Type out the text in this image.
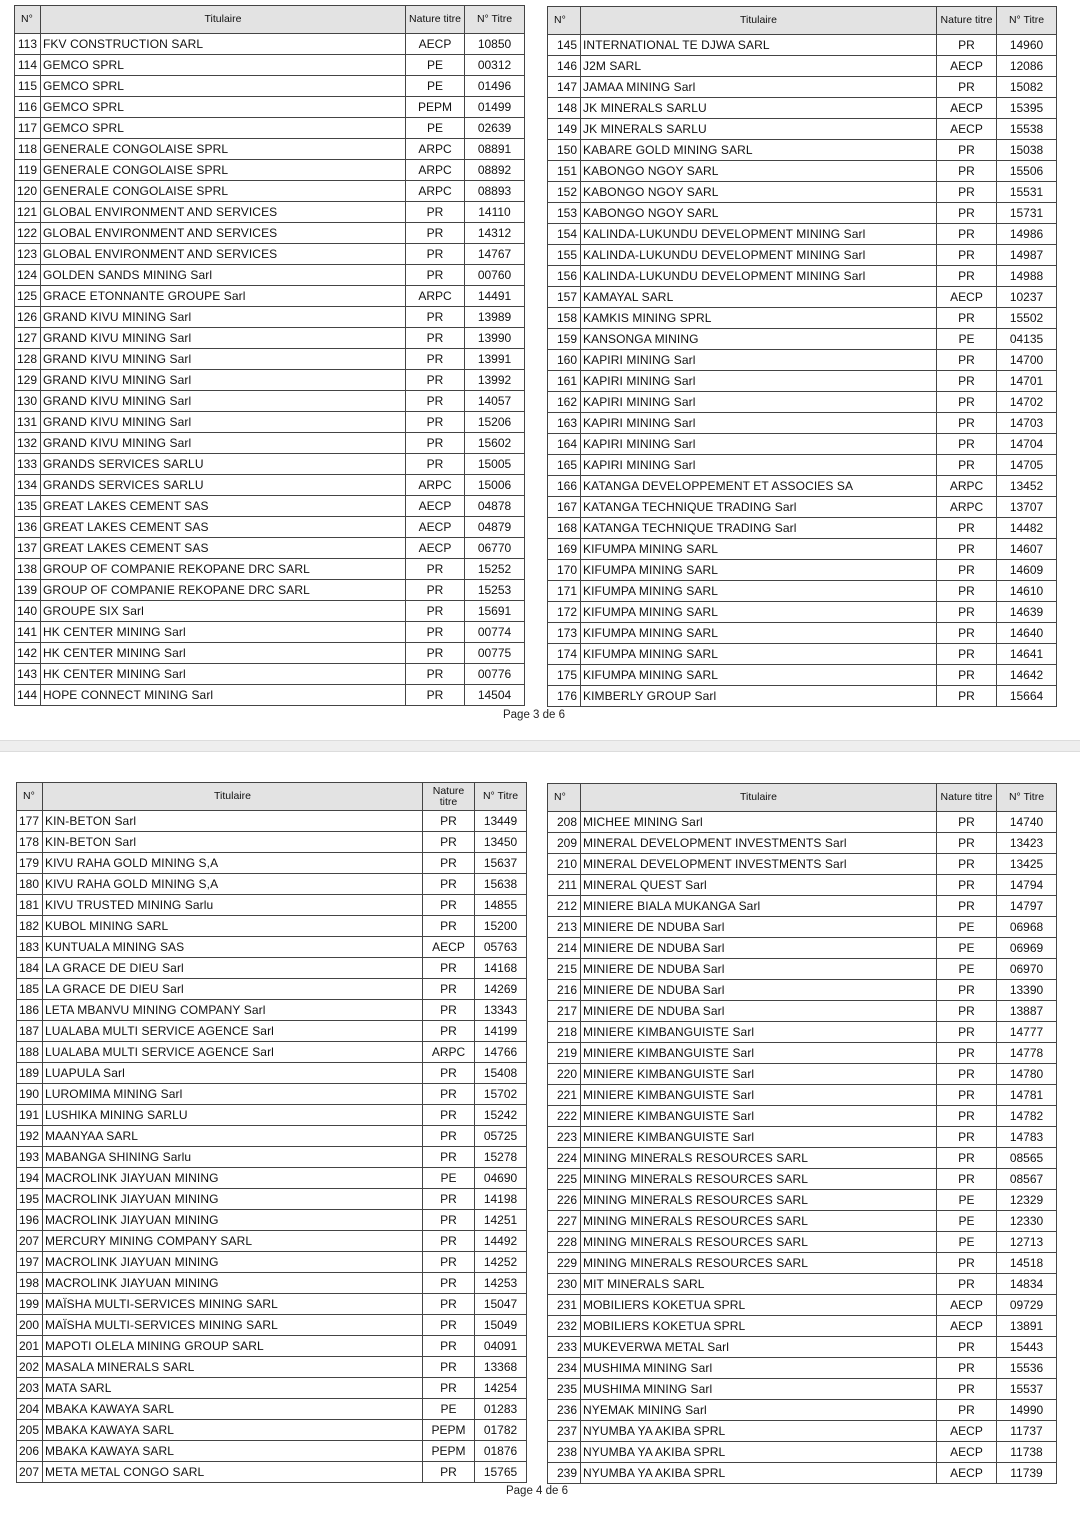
N°	Titulaire	Nature titre	N° Titre
113	FKV CONSTRUCTION SARL	AECP	10850
114	GEMCO SPRL	PE	00312
115	GEMCO SPRL	PE	01496
116	GEMCO SPRL	PEPM	01499
117	GEMCO SPRL	PE	02639
118	GENERALE CONGOLAISE SPRL	ARPC	08891
119	GENERALE CONGOLAISE SPRL	ARPC	08892
120	GENERALE CONGOLAISE SPRL	ARPC	08893
121	GLOBAL ENVIRONMENT AND SERVICES	PR	14110
122	GLOBAL ENVIRONMENT AND SERVICES	PR	14312
123	GLOBAL ENVIRONMENT AND SERVICES	PR	14767
124	GOLDEN SANDS MINING Sarl	PR	00760
125	GRACE ETONNANTE GROUPE Sarl	ARPC	14491
126	GRAND KIVU MINING Sarl	PR	13989
127	GRAND KIVU MINING Sarl	PR	13990
128	GRAND KIVU MINING Sarl	PR	13991
129	GRAND KIVU MINING Sarl	PR	13992
130	GRAND KIVU MINING Sarl	PR	14057
131	GRAND KIVU MINING Sarl	PR	15206
132	GRAND KIVU MINING Sarl	PR	15602
133	GRANDS SERVICES SARLU	PR	15005
134	GRANDS SERVICES SARLU	ARPC	15006
135	GREAT LAKES CEMENT SAS	AECP	04878
136	GREAT LAKES CEMENT SAS	AECP	04879
137	GREAT LAKES CEMENT SAS	AECP	06770
138	GROUP OF COMPANIE REKOPANE DRC SARL	PR	15252
139	GROUP OF COMPANIE REKOPANE DRC SARL	PR	15253
140	GROUPE SIX Sarl	PR	15691
141	HK CENTER MINING Sarl	PR	00774
142	HK CENTER MINING Sarl	PR	00775
143	HK CENTER MINING Sarl	PR	00776
144	HOPE CONNECT MINING Sarl	PR	14504
N°	Titulaire	Nature titre	N° Titre
145	INTERNATIONAL TE DJWA SARL	PR	14960
146	J2M SARL	AECP	12086
147	JAMAA MINING Sarl	PR	15082
148	JK MINERALS SARLU	AECP	15395
149	JK MINERALS SARLU	AECP	15538
150	KABARE GOLD MINING SARL	PR	15038
151	KABONGO NGOY SARL	PR	15506
152	KABONGO NGOY SARL	PR	15531
153	KABONGO NGOY SARL	PR	15731
154	KALINDA-LUKUNDU DEVELOPMENT MINING Sarl	PR	14986
155	KALINDA-LUKUNDU DEVELOPMENT MINING Sarl	PR	14987
156	KALINDA-LUKUNDU DEVELOPMENT MINING Sarl	PR	14988
157	KAMAYAL SARL	AECP	10237
158	KAMKIS MINING SPRL	PR	15502
159	KANSONGA MINING	PE	04135
160	KAPIRI MINING Sarl	PR	14700
161	KAPIRI MINING Sarl	PR	14701
162	KAPIRI MINING Sarl	PR	14702
163	KAPIRI MINING Sarl	PR	14703
164	KAPIRI MINING Sarl	PR	14704
165	KAPIRI MINING Sarl	PR	14705
166	KATANGA DEVELOPPEMENT ET ASSOCIES SA	ARPC	13452
167	KATANGA TECHNIQUE TRADING Sarl	ARPC	13707
168	KATANGA TECHNIQUE TRADING Sarl	PR	14482
169	KIFUMPA MINING SARL	PR	14607
170	KIFUMPA MINING SARL	PR	14609
171	KIFUMPA MINING SARL	PR	14610
172	KIFUMPA MINING SARL	PR	14639
173	KIFUMPA MINING SARL	PR	14640
174	KIFUMPA MINING SARL	PR	14641
175	KIFUMPA MINING SARL	PR	14642
176	KIMBERLY GROUP Sarl	PR	15664
Page 3 de 6
N°	Titulaire	Nature titre	N° Titre
177	KIN-BETON Sarl	PR	13449
178	KIN-BETON Sarl	PR	13450
179	KIVU RAHA GOLD MINING S,A	PR	15637
180	KIVU RAHA GOLD MINING S,A	PR	15638
181	KIVU TRUSTED MINING Sarlu	PR	14855
182	KUBOL MINING SARL	PR	15200
183	KUNTUALA MINING SAS	AECP	05763
184	LA GRACE DE DIEU Sarl	PR	14168
185	LA GRACE DE DIEU Sarl	PR	14269
186	LETA MBANVU MINING COMPANY Sarl	PR	13343
187	LUALABA MULTI SERVICE AGENCE Sarl	PR	14199
188	LUALABA MULTI SERVICE AGENCE Sarl	ARPC	14766
189	LUAPULA Sarl	PR	15408
190	LUROMIMA MINING Sarl	PR	15702
191	LUSHIKA MINING SARLU	PR	15242
192	MAANYAA SARL	PR	05725
193	MABANGA SHINING Sarlu	PR	15278
194	MACROLINK JIAYUAN MINING	PE	04690
195	MACROLINK JIAYUAN MINING	PR	14198
196	MACROLINK JIAYUAN MINING	PR	14251
207	MERCURY MINING COMPANY SARL	PR	14492
197	MACROLINK JIAYUAN MINING	PR	14252
198	MACROLINK JIAYUAN MINING	PR	14253
199	MAÏSHA MULTI-SERVICES MINING SARL	PR	15047
200	MAÏSHA MULTI-SERVICES MINING SARL	PR	15049
201	MAPOTI OLELA MINING GROUP SARL	PR	04091
202	MASALA MINERALS SARL	PR	13368
203	MATA SARL	PR	14254
204	MBAKA KAWAYA SARL	PE	01283
205	MBAKA KAWAYA SARL	PEPM	01782
206	MBAKA KAWAYA SARL	PEPM	01876
207	META METAL CONGO SARL	PR	15765
N°	Titulaire	Nature titre	N° Titre
208	MICHEE MINING Sarl	PR	14740
209	MINERAL DEVELOPMENT INVESTMENTS Sarl	PR	13423
210	MINERAL DEVELOPMENT INVESTMENTS Sarl	PR	13425
211	MINERAL QUEST Sarl	PR	14794
212	MINIERE BIALA MUKANGA Sarl	PR	14797
213	MINIERE DE NDUBA Sarl	PE	06968
214	MINIERE DE NDUBA Sarl	PE	06969
215	MINIERE DE NDUBA Sarl	PE	06970
216	MINIERE DE NDUBA Sarl	PR	13390
217	MINIERE DE NDUBA Sarl	PR	13887
218	MINIERE KIMBANGUISTE Sarl	PR	14777
219	MINIERE KIMBANGUISTE Sarl	PR	14778
220	MINIERE KIMBANGUISTE Sarl	PR	14780
221	MINIERE KIMBANGUISTE Sarl	PR	14781
222	MINIERE KIMBANGUISTE Sarl	PR	14782
223	MINIERE KIMBANGUISTE Sarl	PR	14783
224	MINING MINERALS RESOURCES SARL	PR	08565
225	MINING MINERALS RESOURCES SARL	PR	08567
226	MINING MINERALS RESOURCES SARL	PE	12329
227	MINING MINERALS RESOURCES SARL	PE	12330
228	MINING MINERALS RESOURCES SARL	PE	12713
229	MINING MINERALS RESOURCES SARL	PR	14518
230	MIT MINERALS SARL	PR	14834
231	MOBILIERS KOKETUA SPRL	AECP	09729
232	MOBILIERS KOKETUA SPRL	AECP	13891
233	MUKEVERWA METAL Sarl	PR	15443
234	MUSHIMA MINING Sarl	PR	15536
235	MUSHIMA MINING Sarl	PR	15537
236	NYEMAK MINING Sarl	PR	14990
237	NYUMBA YA AKIBA SPRL	AECP	11737
238	NYUMBA YA AKIBA SPRL	AECP	11738
239	NYUMBA YA AKIBA SPRL	AECP	11739
Page 4 de 6
